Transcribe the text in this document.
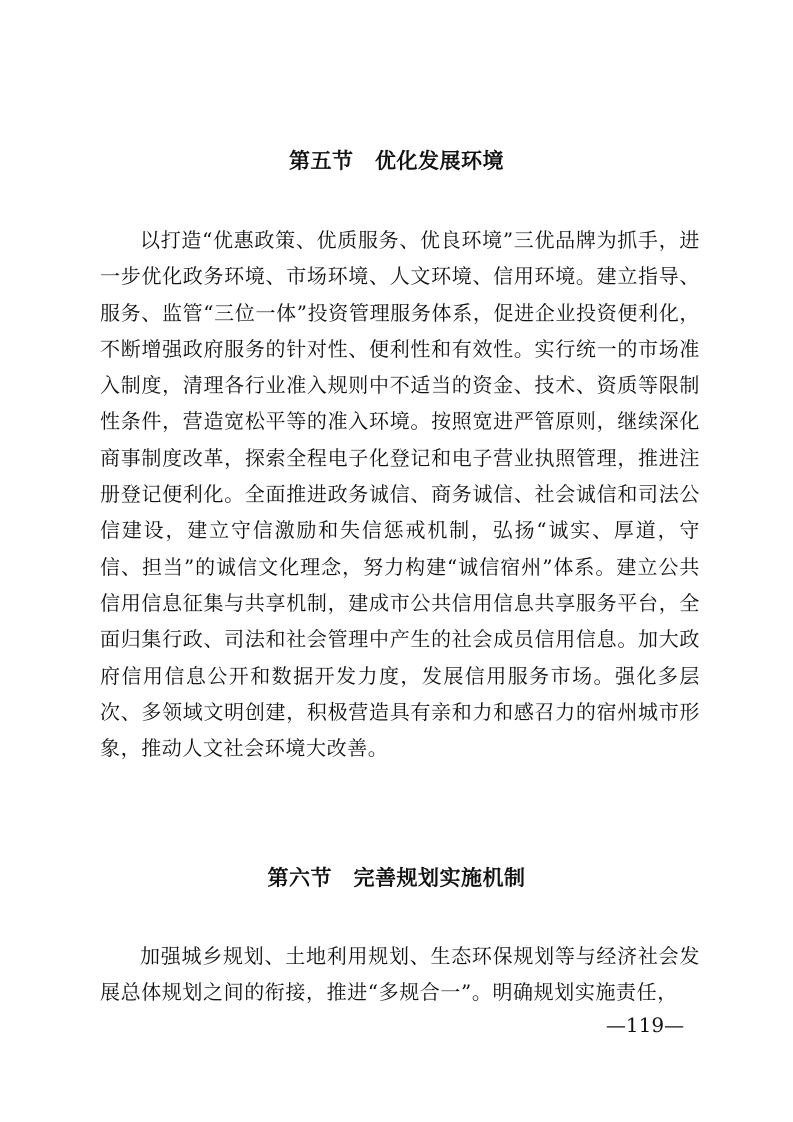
第五节　优化发展环境

以打造“优惠政策、优质服务、优良环境”三优品牌为抓手，进一步优化政务环境、市场环境、人文环境、信用环境。建立指导、服务、监管“三位一体”投资管理服务体系，促进企业投资便利化，不断增强政府服务的针对性、便利性和有效性。实行统一的市场准入制度，清理各行业准入规则中不适当的资金、技术、资质等限制性条件，营造宽松平等的准入环境。按照宽进严管原则，继续深化商事制度改革，探索全程电子化登记和电子营业执照管理，推进注册登记便利化。全面推进政务诚信、商务诚信、社会诚信和司法公信建设，建立守信激励和失信惩戒机制，弘扬“诚实、厚道，守信、担当”的诚信文化理念，努力构建“诚信宿州”体系。建立公共信用信息征集与共享机制，建成市公共信用信息共享服务平台，全面归集行政、司法和社会管理中产生的社会成员信用信息。加大政府信用信息公开和数据开发力度，发展信用服务市场。强化多层次、多领域文明创建，积极营造具有亲和力和感召力的宿州城市形象，推动人文社会环境大改善。

第六节　完善规划实施机制

加强城乡规划、土地利用规划、生态环保规划等与经济社会发展总体规划之间的衔接，推进“多规合一”。明确规划实施责任，

—119—
